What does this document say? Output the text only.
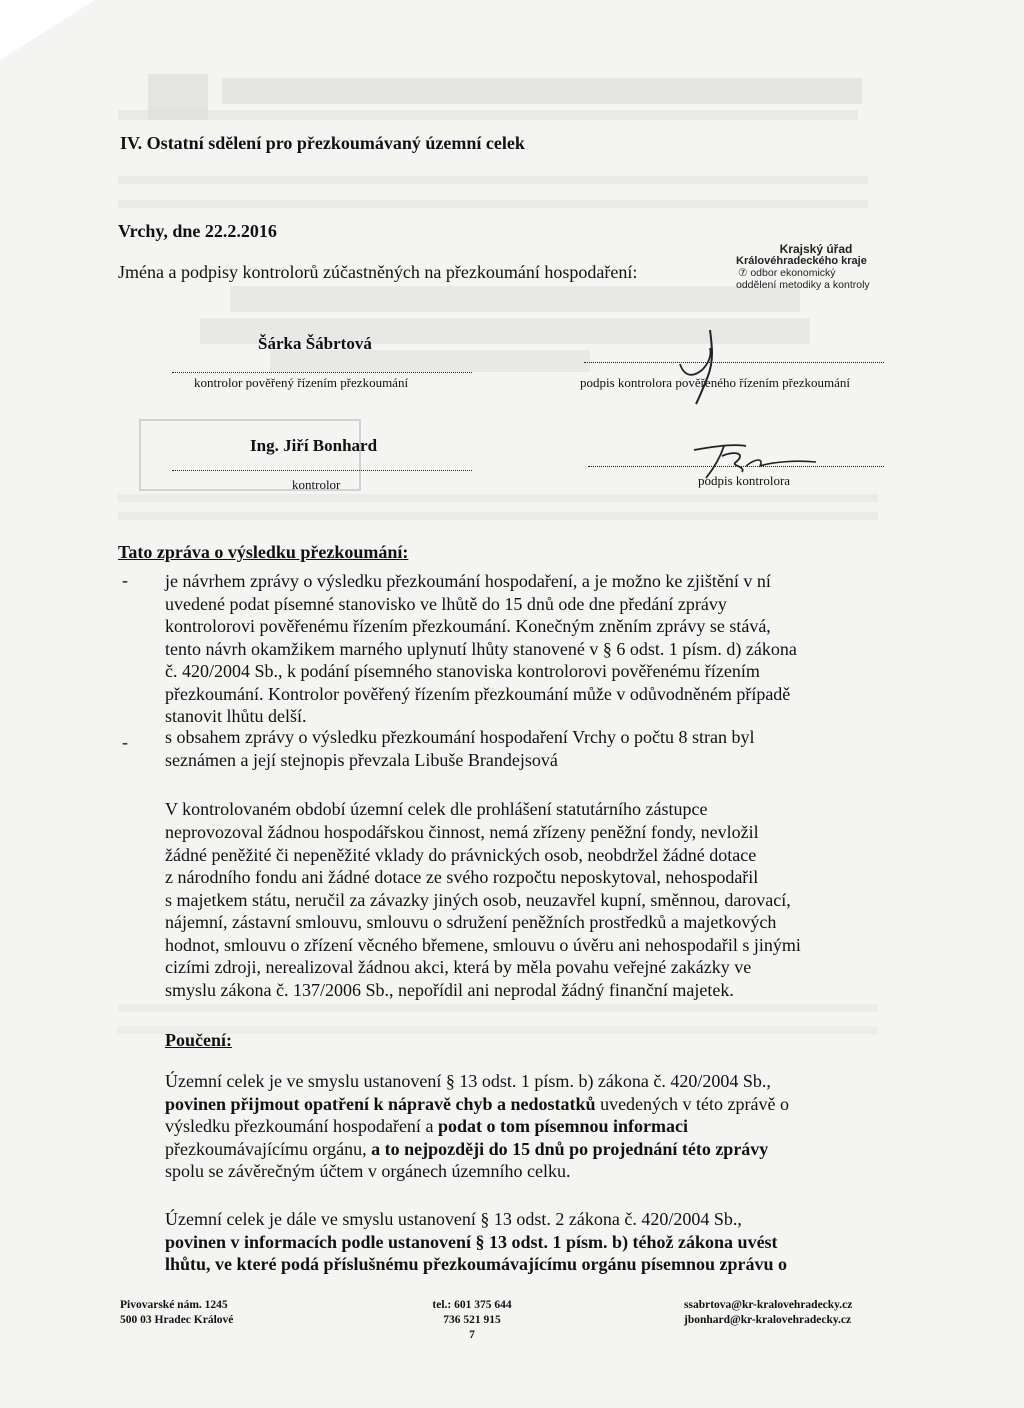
IV. Ostatní sdělení pro přezkoumávaný územní celek
Vrchy, dne 22.2.2016
Jména a podpisy kontrolorů zúčastněných na přezkoumání hospodaření:
Krajský úřad
Královéhradeckého kraje
⑦ odbor ekonomický
oddělení metodiky a kontroly
Šárka Šábrtová
kontrolor pověřený řízením přezkoumání	podpis kontrolora pověřeného řízením přezkoumání
Ing. Jiří Bonhard
kontrolor	podpis kontrolora
Tato zpráva o výsledku přezkoumání:
- je návrhem zprávy o výsledku přezkoumání hospodaření, a je možno ke zjištění v ní
uvedené podat písemné stanovisko ve lhůtě do 15 dnů ode dne předání zprávy
kontrolorovi pověřenému řízením přezkoumání. Konečným zněním zprávy se stává,
tento návrh okamžikem marného uplynutí lhůty stanovené v § 6 odst. 1 písm. d) zákona
č. 420/2004 Sb., k podání písemného stanoviska kontrolorovi pověřenému řízením
přezkoumání. Kontrolor pověřený řízením přezkoumání může v odůvodněném případě
stanovit lhůtu delší.
- s obsahem zprávy o výsledku přezkoumání hospodaření Vrchy o počtu 8 stran byl
seznámen a její stejnopis převzala Libuše Brandejsová
V kontrolovaném období územní celek dle prohlášení statutárního zástupce
neprovozoval žádnou hospodářskou činnost, nemá zřízeny peněžní fondy, nevložil
žádné peněžité či nepeněžité vklady do právnických osob, neobdržel žádné dotace
z národního fondu ani žádné dotace ze svého rozpočtu neposkytoval, nehospodařil
s majetkem státu, neručil za závazky jiných osob, neuzavřel kupní, směnnou, darovací,
nájemní, zástavní smlouvu, smlouvu o sdružení peněžních prostředků a majetkových
hodnot, smlouvu o zřízení věcného břemene, smlouvu o úvěru ani nehospodařil s jinými
cizími zdroji, nerealizoval žádnou akci, která by měla povahu veřejné zakázky ve
smyslu zákona č. 137/2006 Sb., nepořídil ani neprodal žádný finanční majetek.
Poučení:
Územní celek je ve smyslu ustanovení § 13 odst. 1 písm. b) zákona č. 420/2004 Sb.,
povinen přijmout opatření k nápravě chyb a nedostatků uvedených v této zprávě o
výsledku přezkoumání hospodaření a podat o tom písemnou informaci
přezkoumávajícímu orgánu, a to nejpozději do 15 dnů po projednání této zprávy
spolu se závěrečným účtem v orgánech územního celku.
Územní celek je dále ve smyslu ustanovení § 13 odst. 2 zákona č. 420/2004 Sb.,
povinen v informacích podle ustanovení § 13 odst. 1 písm. b) téhož zákona uvést
lhůtu, ve které podá příslušnému přezkoumávajícímu orgánu písemnou zprávu o
Pivovarské nám. 1245
500 03 Hradec Králové
tel.: 601 375 644
736 521 915
7
ssabrtova@kr-kralovehradecky.cz
jbonhard@kr-kralovehradecky.cz
